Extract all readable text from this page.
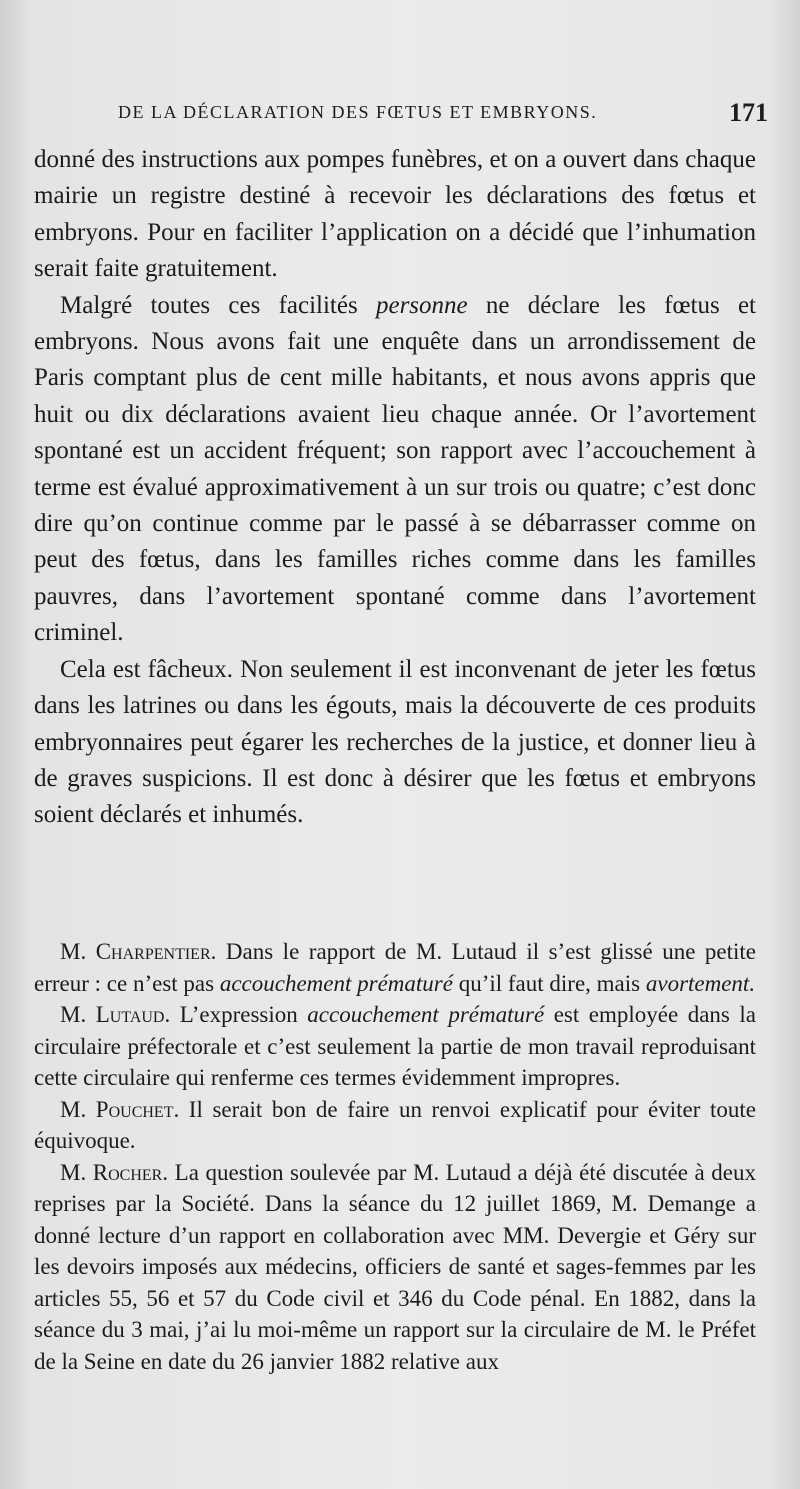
DE LA DÉCLARATION DES FŒTUS ET EMBRYONS.	171

donné des instructions aux pompes funèbres, et on a ouvert dans chaque mairie un registre destiné à recevoir les déclarations des fœtus et embryons. Pour en faciliter l’application on a décidé que l’inhumation serait faite gratuitement.

Malgré toutes ces facilités personne ne déclare les fœtus et embryons. Nous avons fait une enquête dans un arrondissement de Paris comptant plus de cent mille habitants, et nous avons appris que huit ou dix déclarations avaient lieu chaque année. Or l’avortement spontané est un accident fréquent; son rapport avec l’accouchement à terme est évalué approximativement à un sur trois ou quatre; c’est donc dire qu’on continue comme par le passé à se débarrasser comme on peut des fœtus, dans les familles riches comme dans les familles pauvres, dans l’avortement spontané comme dans l’avortement criminel.

Cela est fâcheux. Non seulement il est inconvenant de jeter les fœtus dans les latrines ou dans les égouts, mais la découverte de ces produits embryonnaires peut égarer les recherches de la justice, et donner lieu à de graves suspicions. Il est donc à désirer que les fœtus et embryons soient déclarés et inhumés.

M. Charpentier. Dans le rapport de M. Lutaud il s’est glissé une petite erreur : ce n’est pas accouchement prématuré qu’il faut dire, mais avortement.

M. Lutaud. L’expression accouchement prématuré est employée dans la circulaire préfectorale et c’est seulement la partie de mon travail reproduisant cette circulaire qui renferme ces termes évidemment impropres.

M. Pouchet. Il serait bon de faire un renvoi explicatif pour éviter toute équivoque.

M. Rocher. La question soulevée par M. Lutaud a déjà été discutée à deux reprises par la Société. Dans la séance du 12 juillet 1869, M. Demange a donné lecture d’un rapport en collaboration avec MM. Devergie et Géry sur les devoirs imposés aux médecins, officiers de santé et sages-femmes par les articles 55, 56 et 57 du Code civil et 346 du Code pénal. En 1882, dans la séance du 3 mai, j’ai lu moi-même un rapport sur la circulaire de M. le Préfet de la Seine en date du 26 janvier 1882 relative aux
